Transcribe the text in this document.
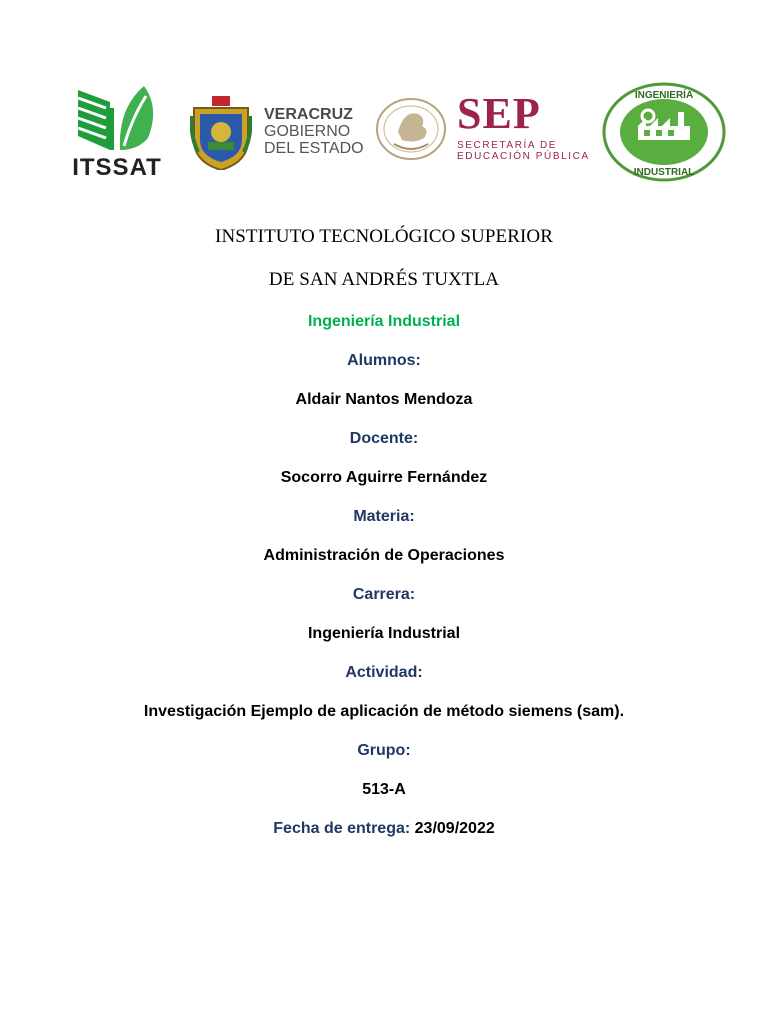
ITSSAT
VERACRUZ
GOBIERNO
DEL ESTADO
SEP
SECRETARÍA DE
EDUCACIÓN PÚBLICA
INGENIERÍA
INDUSTRIAL
INSTITUTO TECNOLÓGICO SUPERIOR
DE SAN ANDRÉS TUXTLA
Ingeniería Industrial
Alumnos:
Aldair Nantos Mendoza
Docente:
Socorro Aguirre Fernández
Materia:
Administración de Operaciones
Carrera:
Ingeniería Industrial
Actividad:
Investigación Ejemplo de aplicación de método siemens (sam).
Grupo:
513-A
Fecha de entrega: 23/09/2022
